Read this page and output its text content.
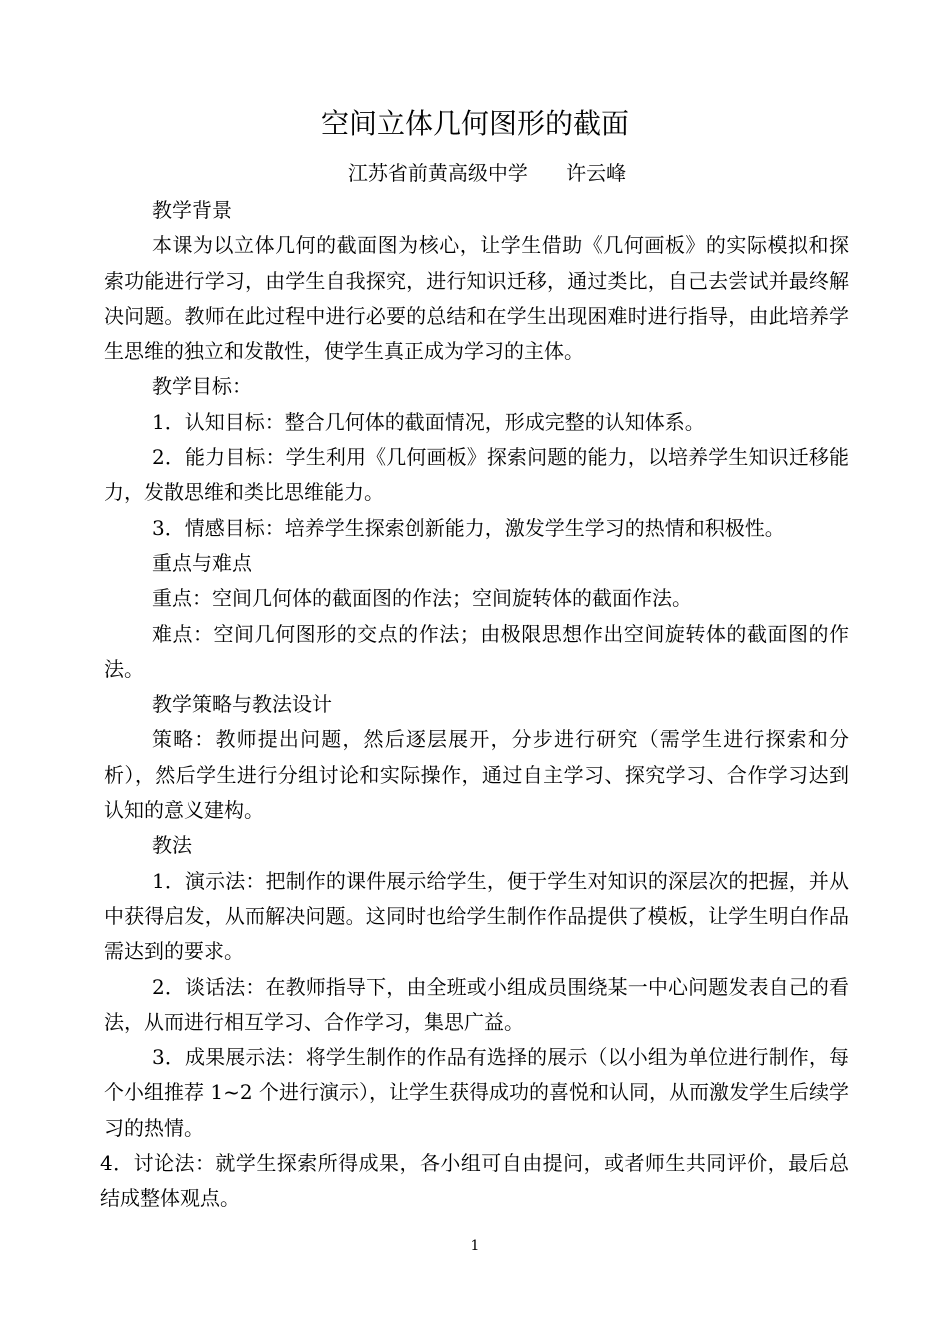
空间立体几何图形的截面
江苏省前黄高级中学      许云峰

教学背景

本课为以立体几何的截面图为核心，让学生借助《几何画板》的实际模拟和探索功能进行学习，由学生自我探究，进行知识迁移，通过类比，自己去尝试并最终解决问题。教师在此过程中进行必要的总结和在学生出现困难时进行指导，由此培养学生思维的独立和发散性，使学生真正成为学习的主体。

教学目标：

1．认知目标：整合几何体的截面情况，形成完整的认知体系。

2．能力目标：学生利用《几何画板》探索问题的能力，以培养学生知识迁移能力，发散思维和类比思维能力。

3．情感目标：培养学生探索创新能力，激发学生学习的热情和积极性。

重点与难点

重点：空间几何体的截面图的作法；空间旋转体的截面作法。

难点：空间几何图形的交点的作法；由极限思想作出空间旋转体的截面图的作法。

教学策略与教法设计

策略：教师提出问题，然后逐层展开，分步进行研究（需学生进行探索和分析），然后学生进行分组讨论和实际操作，通过自主学习、探究学习、合作学习达到认知的意义建构。

教法

1．演示法：把制作的课件展示给学生，便于学生对知识的深层次的把握，并从中获得启发，从而解决问题。这同时也给学生制作作品提供了模板，让学生明白作品需达到的要求。

2．谈话法：在教师指导下，由全班或小组成员围绕某一中心问题发表自己的看法，从而进行相互学习、合作学习，集思广益。

3．成果展示法：将学生制作的作品有选择的展示（以小组为单位进行制作，每个小组推荐 1~2 个进行演示），让学生获得成功的喜悦和认同，从而激发学生后续学习的热情。

4．讨论法：就学生探索所得成果，各小组可自由提问，或者师生共同评价，最后总结成整体观点。

1
